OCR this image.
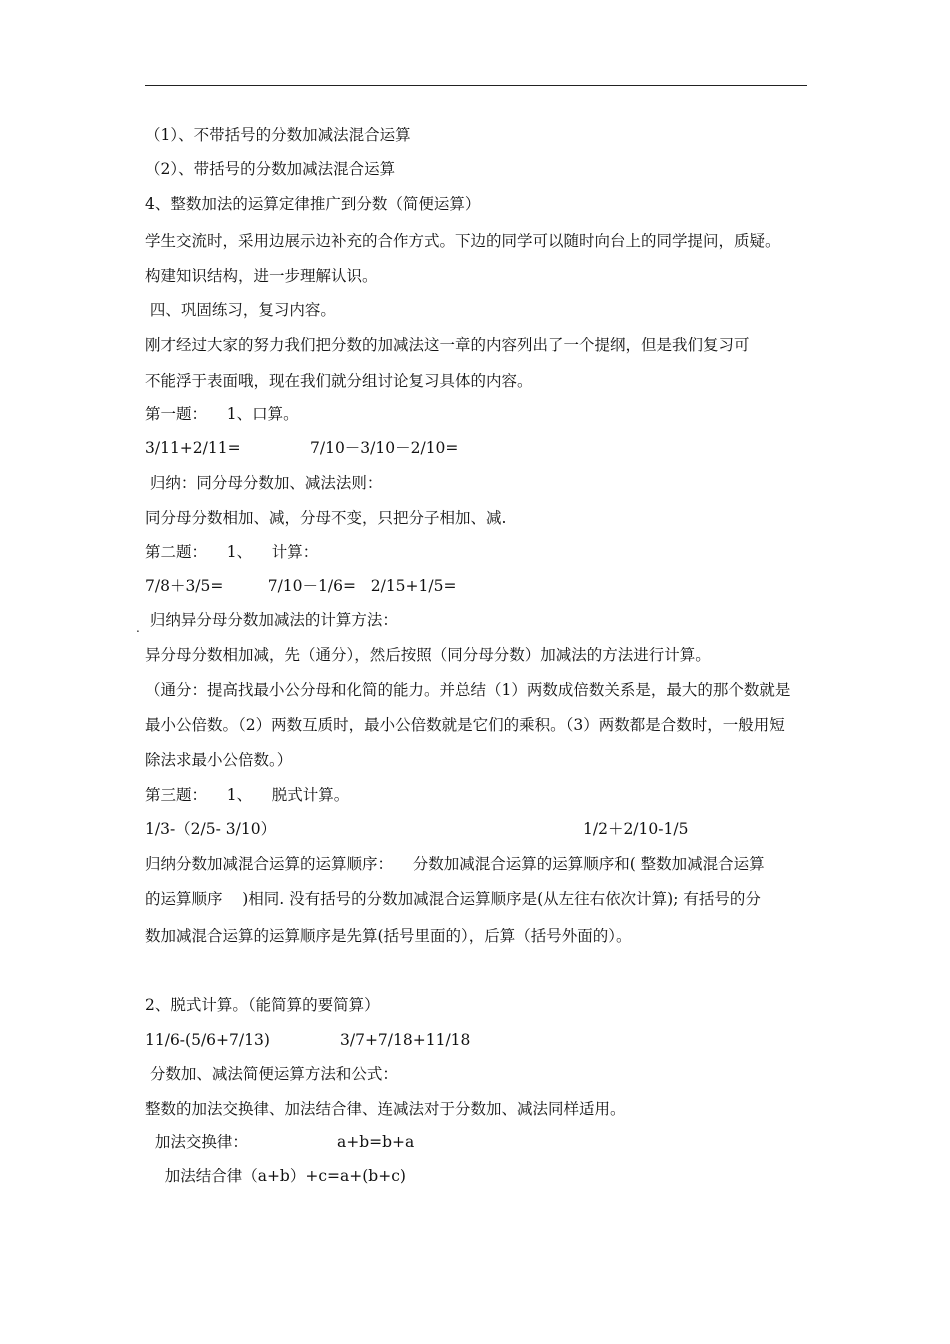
（1）、不带括号的分数加减法混合运算
（2）、带括号的分数加减法混合运算
4、整数加法的运算定律推广到分数（简便运算）
学生交流时，采用边展示边补充的合作方式。下边的同学可以随时向台上的同学提问，质疑。
构建知识结构，进一步理解认识。
四、巩固练习，复习内容。
刚才经过大家的努力我们把分数的加减法这一章的内容列出了一个提纲，但是我们复习可
不能浮于表面哦，现在我们就分组讨论复习具体的内容。
第一题：    1、口算。
3/11+2/11=	7/10－3/10－2/10=
归纳：同分母分数加、减法法则：
同分母分数相加、减，分母不变，只把分子相加、减.
第二题：    1、    计算：
7/8＋3/5=         7/10－1/6=   2/15+1/5=
. 归纳异分母分数加减法的计算方法：
异分母分数相加减，先（通分），然后按照（同分母分数）加减法的方法进行计算。
（通分：提高找最小公分母和化简的能力。并总结（1）两数成倍数关系是，最大的那个数就是
最小公倍数。（2）两数互质时，最小公倍数就是它们的乘积。（3）两数都是合数时，一般用短
除法求最小公倍数。）
第三题：    1、    脱式计算。
1/3-（2/5- 3/10）	1/2＋2/10-1/5
归纳分数加减混合运算的运算顺序：    分数加减混合运算的运算顺序和( 整数加减混合运算
的运算顺序    )相同. 没有括号的分数加减混合运算顺序是(从左往右依次计算); 有括号的分
数加减混合运算的运算顺序是先算(括号里面的），后算（括号外面的）。
2、脱式计算。（能简算的要简算）
11/6-(5/6+7/13)	3/7+7/18+11/18
分数加、减法简便运算方法和公式：
整数的加法交换律、加法结合律、连减法对于分数加、减法同样适用。
加法交换律：	a+b=b+a
加法结合律（a+b）+c=a+(b+c)
